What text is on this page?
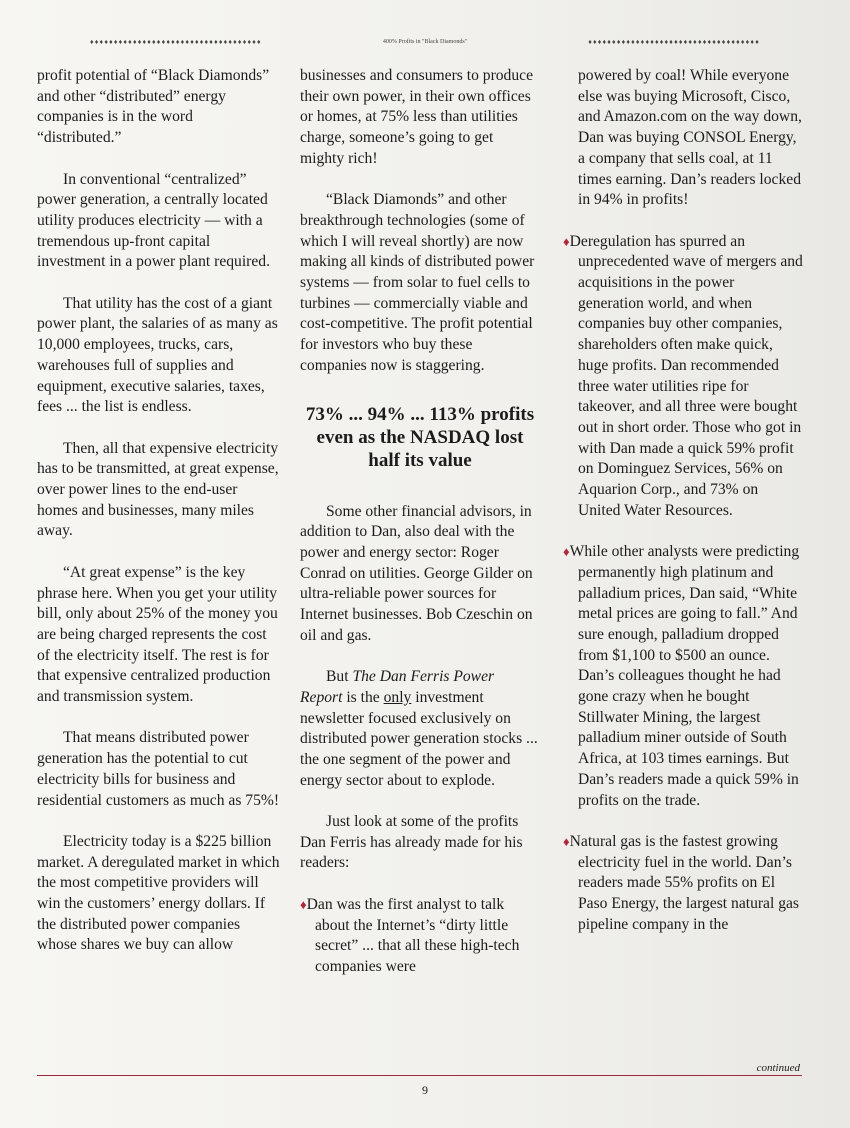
♦♦♦♦♦♦♦♦♦♦♦♦♦♦♦♦♦♦♦♦♦♦♦♦♦♦♦♦♦♦♦♦♦♦♦♦	400% Profits in "Black Diamonds"	♦♦♦♦♦♦♦♦♦♦♦♦♦♦♦♦♦♦♦♦♦♦♦♦♦♦♦♦♦♦♦♦♦♦♦♦

profit potential of “Black Diamonds” and other “distributed” energy companies is in the word “distributed.”

In conventional “centralized” power generation, a centrally located utility produces electricity — with a tremendous up-front capital investment in a power plant required.

That utility has the cost of a giant power plant, the salaries of as many as 10,000 employees, trucks, cars, warehouses full of supplies and equipment, executive salaries, taxes, fees ... the list is endless.

Then, all that expensive electricity has to be transmitted, at great expense, over power lines to the end-user homes and businesses, many miles away.

“At great expense” is the key phrase here. When you get your utility bill, only about 25% of the money you are being charged represents the cost of the electricity itself. The rest is for that expensive centralized production and transmission system.

That means distributed power generation has the potential to cut electricity bills for business and residential customers as much as 75%!

Electricity today is a $225 billion market. A deregulated market in which the most competitive providers will win the customers’ energy dollars. If the distributed power companies whose shares we buy can allow

businesses and consumers to produce their own power, in their own offices or homes, at 75% less than utilities charge, someone’s going to get mighty rich!

“Black Diamonds” and other breakthrough technologies (some of which I will reveal shortly) are now making all kinds of distributed power systems — from solar to fuel cells to turbines — commercially viable and cost-competitive. The profit potential for investors who buy these companies now is staggering.

73% ... 94% ... 113% profits even as the NASDAQ lost half its value

Some other financial advisors, in addition to Dan, also deal with the power and energy sector: Roger Conrad on utilities. George Gilder on ultra-reliable power sources for Internet businesses. Bob Czeschin on oil and gas.

But The Dan Ferris Power Report is the only investment newsletter focused exclusively on distributed power generation stocks ... the one segment of the power and energy sector about to explode.

Just look at some of the profits Dan Ferris has already made for his readers:

♦Dan was the first analyst to talk about the Internet’s “dirty little secret” ... that all these high-tech companies were

powered by coal! While everyone else was buying Microsoft, Cisco, and Amazon.com on the way down, Dan was buying CONSOL Energy, a company that sells coal, at 11 times earning. Dan’s readers locked in 94% in profits!

♦Deregulation has spurred an unprecedented wave of mergers and acquisitions in the power generation world, and when companies buy other companies, shareholders often make quick, huge profits. Dan recommended three water utilities ripe for takeover, and all three were bought out in short order. Those who got in with Dan made a quick 59% profit on Dominguez Services, 56% on Aquarion Corp., and 73% on United Water Resources.

♦While other analysts were predicting permanently high platinum and palladium prices, Dan said, “White metal prices are going to fall.” And sure enough, palladium dropped from $1,100 to $500 an ounce. Dan’s colleagues thought he had gone crazy when he bought Stillwater Mining, the largest palladium miner outside of South Africa, at 103 times earnings. But Dan’s readers made a quick 59% in profits on the trade.

♦Natural gas is the fastest growing electricity fuel in the world. Dan’s readers made 55% profits on El Paso Energy, the largest natural gas pipeline company in the

continued
9
